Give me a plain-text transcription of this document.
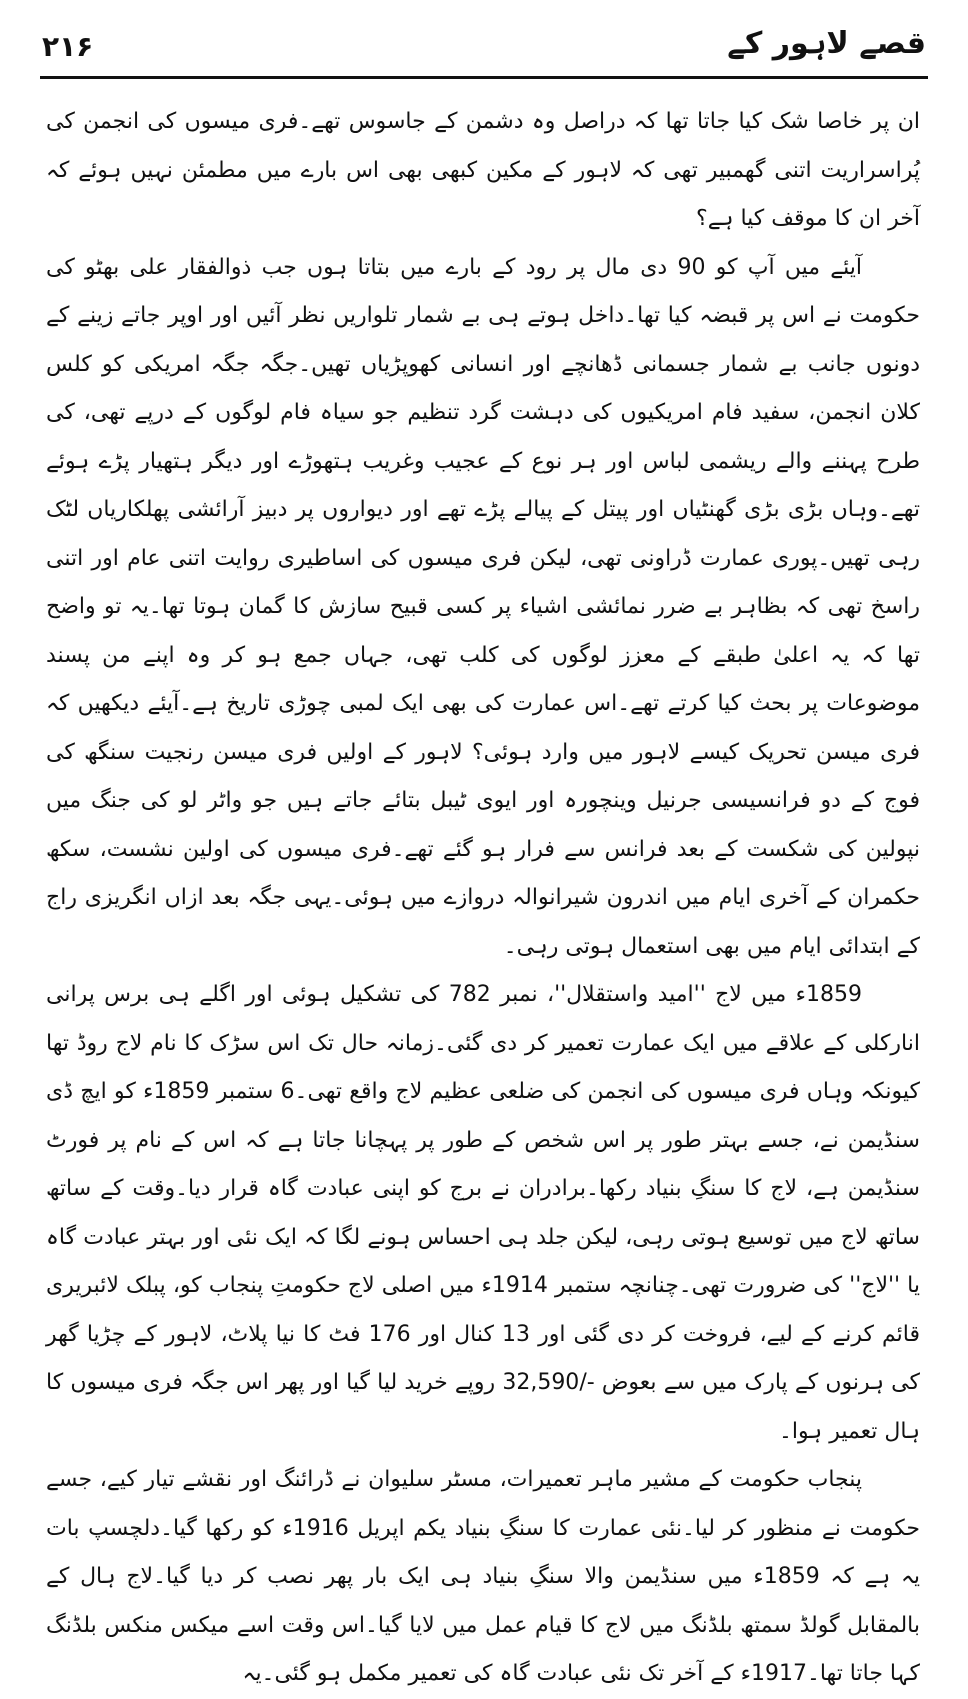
۲۱۶	قصے لاہور کے

ان پر خاصا شک کیا جاتا تھا کہ دراصل وہ دشمن کے جاسوس تھے۔فری میسوں کی انجمن کی پُراسراریت اتنی گھمبیر تھی کہ لاہور کے مکین کبھی بھی اس بارے میں مطمئن نہیں ہوئے کہ آخر ان کا موقف کیا ہے؟

آیئے میں آپ کو 90 دی مال پر رود کے بارے میں بتاتا ہوں جب ذوالفقار علی بھٹو کی حکومت نے اس پر قبضہ کیا تھا۔داخل ہوتے ہی بے شمار تلواریں نظر آئیں اور اوپر جاتے زینے کے دونوں جانب بے شمار جسمانی ڈھانچے اور انسانی کھوپڑیاں تھیں۔جگہ جگہ امریکی کو کلس کلان انجمن، سفید فام امریکیوں کی دہشت گرد تنظیم جو سیاہ فام لوگوں کے درپے تھی، کی طرح پہننے والے ریشمی لباس اور ہر نوع کے عجیب وغریب ہتھوڑے اور دیگر ہتھیار پڑے ہوئے تھے۔وہاں بڑی بڑی گھنٹیاں اور پیتل کے پیالے پڑے تھے اور دیواروں پر دبیز آرائشی پھلکاریاں لٹک رہی تھیں۔پوری عمارت ڈراونی تھی، لیکن فری میسوں کی اساطیری روایت اتنی عام اور اتنی راسخ تھی کہ بظاہر بے ضرر نمائشی اشیاء پر کسی قبیح سازش کا گمان ہوتا تھا۔یہ تو واضح تھا کہ یہ اعلیٰ طبقے کے معزز لوگوں کی کلب تھی، جہاں جمع ہو کر وہ اپنے من پسند موضوعات پر بحث کیا کرتے تھے۔اس عمارت کی بھی ایک لمبی چوڑی تاریخ ہے۔آیئے دیکھیں کہ فری میسن تحریک کیسے لاہور میں وارد ہوئی؟ لاہور کے اولیں فری میسن رنجیت سنگھ کی فوج کے دو فرانسیسی جرنیل وینچورہ اور ایوی ٹیبل بتائے جاتے ہیں جو واٹر لو کی جنگ میں نپولین کی شکست کے بعد فرانس سے فرار ہو گئے تھے۔فری میسوں کی اولین نشست، سکھ حکمران کے آخری ایام میں اندرون شیرانوالہ دروازے میں ہوئی۔یہی جگہ بعد ازاں انگریزی راج کے ابتدائی ایام میں بھی استعمال ہوتی رہی۔

1859ء میں لاج ''امید واستقلال''، نمبر 782 کی تشکیل ہوئی اور اگلے ہی برس پرانی انارکلی کے علاقے میں ایک عمارت تعمیر کر دی گئی۔زمانہ حال تک اس سڑک کا نام لاج روڈ تھا کیونکہ وہاں فری میسوں کی انجمن کی ضلعی عظیم لاج واقع تھی۔6 ستمبر 1859ء کو ایچ ڈی سنڈیمن نے، جسے بہتر طور پر اس شخص کے طور پر پہچانا جاتا ہے کہ اس کے نام پر فورٹ سنڈیمن ہے، لاج کا سنگِ بنیاد رکھا۔برادران نے برج کو اپنی عبادت گاہ قرار دیا۔وقت کے ساتھ ساتھ لاج میں توسیع ہوتی رہی، لیکن جلد ہی احساس ہونے لگا کہ ایک نئی اور بہتر عبادت گاہ یا ''لاج'' کی ضرورت تھی۔چنانچہ ستمبر 1914ء میں اصلی لاج حکومتِ پنجاب کو، پبلک لائبریری قائم کرنے کے لیے، فروخت کر دی گئی اور 13 کنال اور 176 فٹ کا نیا پلاٹ، لاہور کے چڑیا گھر کی ہرنوں کے پارک میں سے بعوض -/32,590 روپے خرید لیا گیا اور پھر اس جگہ فری میسوں کا ہال تعمیر ہوا۔

پنجاب حکومت کے مشیر ماہر تعمیرات، مسٹر سلیوان نے ڈرائنگ اور نقشے تیار کیے، جسے حکومت نے منظور کر لیا۔نئی عمارت کا سنگِ بنیاد یکم اپریل 1916ء کو رکھا گیا۔دلچسپ بات یہ ہے کہ 1859ء میں سنڈیمن والا سنگِ بنیاد ہی ایک بار پھر نصب کر دیا گیا۔لاج ہال کے بالمقابل گولڈ سمتھ بلڈنگ میں لاج کا قیام عمل میں لایا گیا۔اس وقت اسے میکس منکس بلڈنگ کہا جاتا تھا۔1917ء کے آخر تک نئی عبادت گاہ کی تعمیر مکمل ہو گئی۔یہ
